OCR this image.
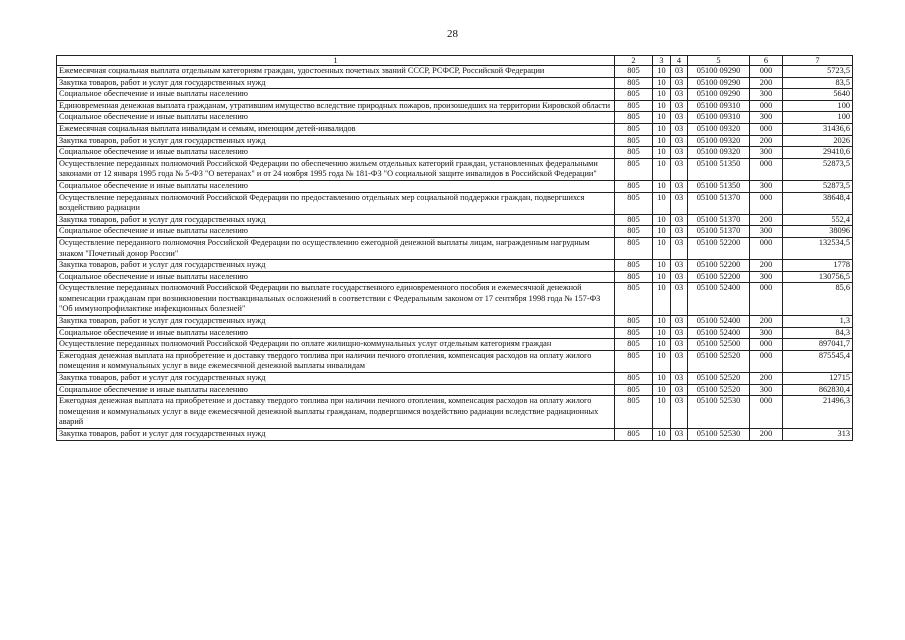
28
1	2	3	4	5	6	7
Ежемесячная социальная выплата отдельным категориям граждан, удостоенных почетных званий СССР, РСФСР, Российской Федерации	805	10	03	05100 09290	000	5723,5
Закупка товаров, работ и услуг для государственных нужд	805	10	03	05100 09290	200	83,5
Социальное обеспечение и иные выплаты населению	805	10	03	05100 09290	300	5640
Единовременная денежная выплата гражданам, утратившим имущество вследствие природных пожаров, произошедших на территории Кировской области	805	10	03	05100 09310	000	100
Социальное обеспечение и иные выплаты населению	805	10	03	05100 09310	300	100
Ежемесячная социальная выплата инвалидам и семьям, имеющим детей-инвалидов	805	10	03	05100 09320	000	31436,6
Закупка товаров, работ и услуг для государственных нужд	805	10	03	05100 09320	200	2026
Социальное обеспечение и иные выплаты населению	805	10	03	05100 09320	300	29410,6
Осуществление переданных полномочий Российской Федерации по обеспечению жильем отдельных категорий граждан, установленных федеральными законами от 12 января 1995 года № 5-ФЗ "О ветеранах" и от 24 ноября 1995 года № 181-ФЗ "О социальной защите инвалидов в Российской Федерации"	805	10	03	05100 51350	000	52873,5
Социальное обеспечение и иные выплаты населению	805	10	03	05100 51350	300	52873,5
Осуществление переданных полномочий Российской Федерации по предоставлению отдельных мер социальной поддержки граждан, подвергшихся воздействию радиации	805	10	03	05100 51370	000	38648,4
Закупка товаров, работ и услуг для государственных нужд	805	10	03	05100 51370	200	552,4
Социальное обеспечение и иные выплаты населению	805	10	03	05100 51370	300	38096
Осуществление переданного полномочия Российской Федерации по осуществлению ежегодной денежной выплаты лицам, награжденным нагрудным знаком "Почетный донор России"	805	10	03	05100 52200	000	132534,5
Закупка товаров, работ и услуг для государственных нужд	805	10	03	05100 52200	200	1778
Социальное обеспечение и иные выплаты населению	805	10	03	05100 52200	300	130756,5
Осуществление переданных полномочий Российской Федерации по выплате государственного единовременного пособия и ежемесячной денежной компенсации гражданам при возникновении поствакцинальных осложнений в соответствии с Федеральным законом от 17 сентября 1998 года № 157-ФЗ "Об иммунопрофилактике инфекционных болезней"	805	10	03	05100 52400	000	85,6
Закупка товаров, работ и услуг для государственных нужд	805	10	03	05100 52400	200	1,3
Социальное обеспечение и иные выплаты населению	805	10	03	05100 52400	300	84,3
Осуществление переданных полномочий Российской Федерации по оплате жилищно-коммунальных услуг отдельным категориям граждан	805	10	03	05100 52500	000	897041,7
Ежегодная денежная выплата на приобретение и доставку твердого топлива при наличии печного отопления, компенсация расходов на оплату жилого помещения и коммунальных услуг в виде ежемесячной денежной выплаты инвалидам	805	10	03	05100 52520	000	875545,4
Закупка товаров, работ и услуг для государственных нужд	805	10	03	05100 52520	200	12715
Социальное обеспечение и иные выплаты населению	805	10	03	05100 52520	300	862830,4
Ежегодная денежная выплата на приобретение и доставку твердого топлива при наличии печного отопления, компенсация расходов на оплату жилого помещения и коммунальных услуг в виде ежемесячной денежной выплаты гражданам, подвергшимся воздействию радиации вследствие радиационных аварий	805	10	03	05100 52530	000	21496,3
Закупка товаров, работ и услуг для государственных нужд	805	10	03	05100 52530	200	313
